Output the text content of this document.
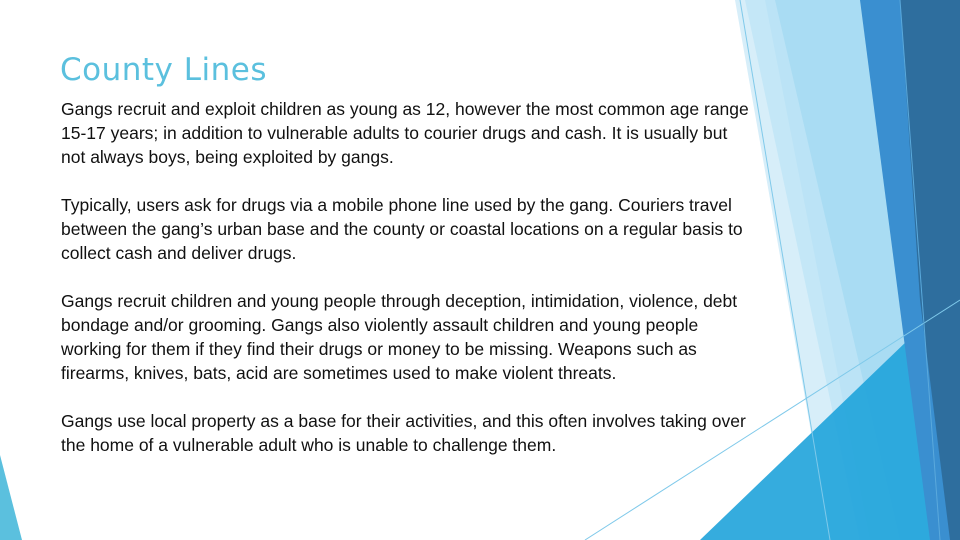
County Lines

Gangs recruit and exploit children as young as 12, however the most common age range 15-17 years; in addition to vulnerable adults to courier drugs and cash. It is usually but not always boys, being exploited by gangs.

Typically, users ask for drugs via a mobile phone line used by the gang. Couriers travel between the gang’s urban base and the county or coastal locations on a regular basis to collect cash and deliver drugs.

Gangs recruit children and young people through deception, intimidation, violence, debt bondage and/or grooming. Gangs also violently assault children and young people working for them if they find their drugs or money to be missing. Weapons such as firearms, knives, bats, acid are sometimes used to make violent threats.

Gangs use local property as a base for their activities, and this often involves taking over the home of a vulnerable adult who is unable to challenge them.
